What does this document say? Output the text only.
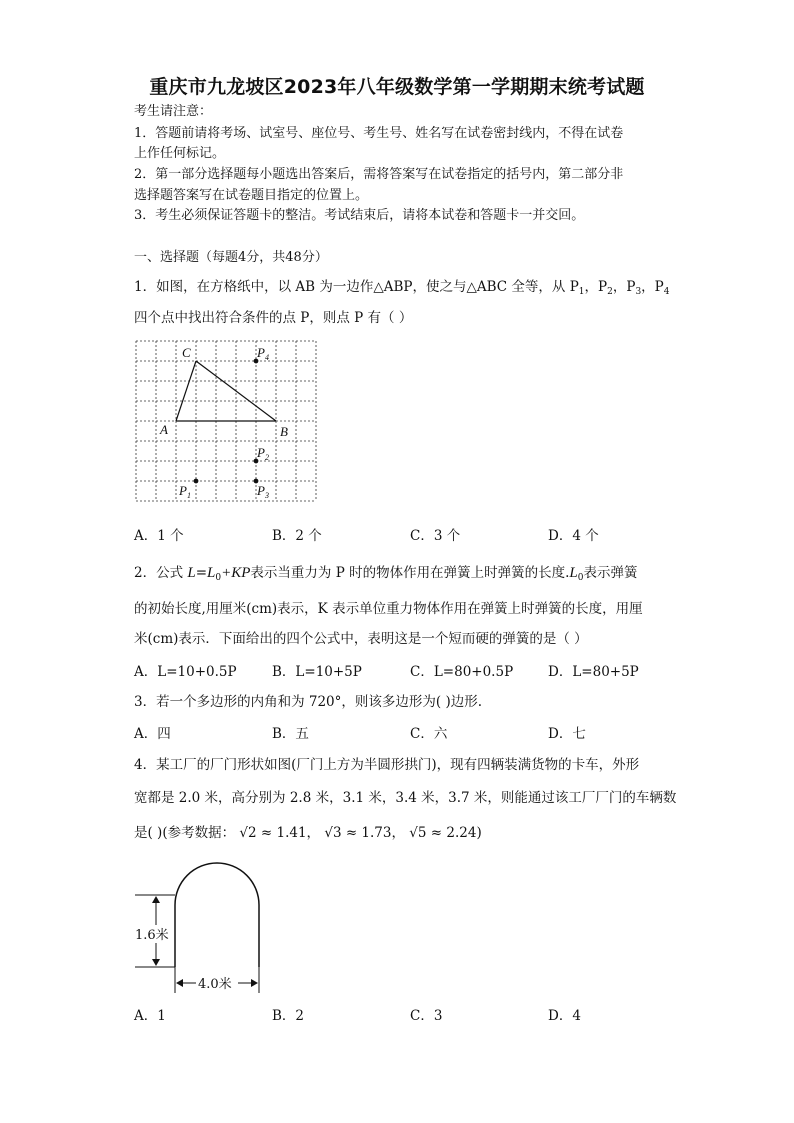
重庆市九龙坡区2023年八年级数学第一学期期末统考试题
考生请注意：
1．答题前请将考场、试室号、座位号、考生号、姓名写在试卷密封线内，不得在试卷
上作任何标记。
2．第一部分选择题每小题选出答案后，需将答案写在试卷指定的括号内，第二部分非
选择题答案写在试卷题目指定的位置上。
3．考生必须保证答题卡的整洁。考试结束后，请将本试卷和答题卡一并交回。
一、选择题（每题4分，共48分）
1．如图，在方格纸中，以 AB 为一边作△ABP，使之与△ABC 全等，从 $P_1$，$P_2$，$P_3$，$P_4$
四个点中找出符合条件的点 P，则点 P 有（ ）
C
A	B
$P_4$
$P_2$
$P_1$	$P_3$
A．1 个	B．2 个	C．3 个	D．4 个
2．公式 $L=L_0+KP$表示当重力为 P 时的物体作用在弹簧上时弹簧的长度$.L_0$表示弹簧
的初始长度,用厘米(cm)表示，K 表示单位重力物体作用在弹簧上时弹簧的长度，用厘
米(cm)表示．下面给出的四个公式中，表明这是一个短而硬的弹簧的是（ ）
A．L=10+0.5P	B．L=10+5P	C．L=80+0.5P	D．L=80+5P
3．若一个多边形的内角和为 720°，则该多边形为( )边形.
A．四	B．五	C．六	D．七
4．某工厂的厂门形状如图(厂门上方为半圆形拱门)，现有四辆装满货物的卡车，外形
宽都是 2.0 米，高分别为 2.8 米，3.1 米，3.4 米，3.7 米，则能通过该工厂厂门的车辆数
是( )(参考数据： √2 ≈ 1.41， √3 ≈ 1.73， √5 ≈ 2.24)
1.6米
4.0米
A．1	B．2	C．3	D．4
